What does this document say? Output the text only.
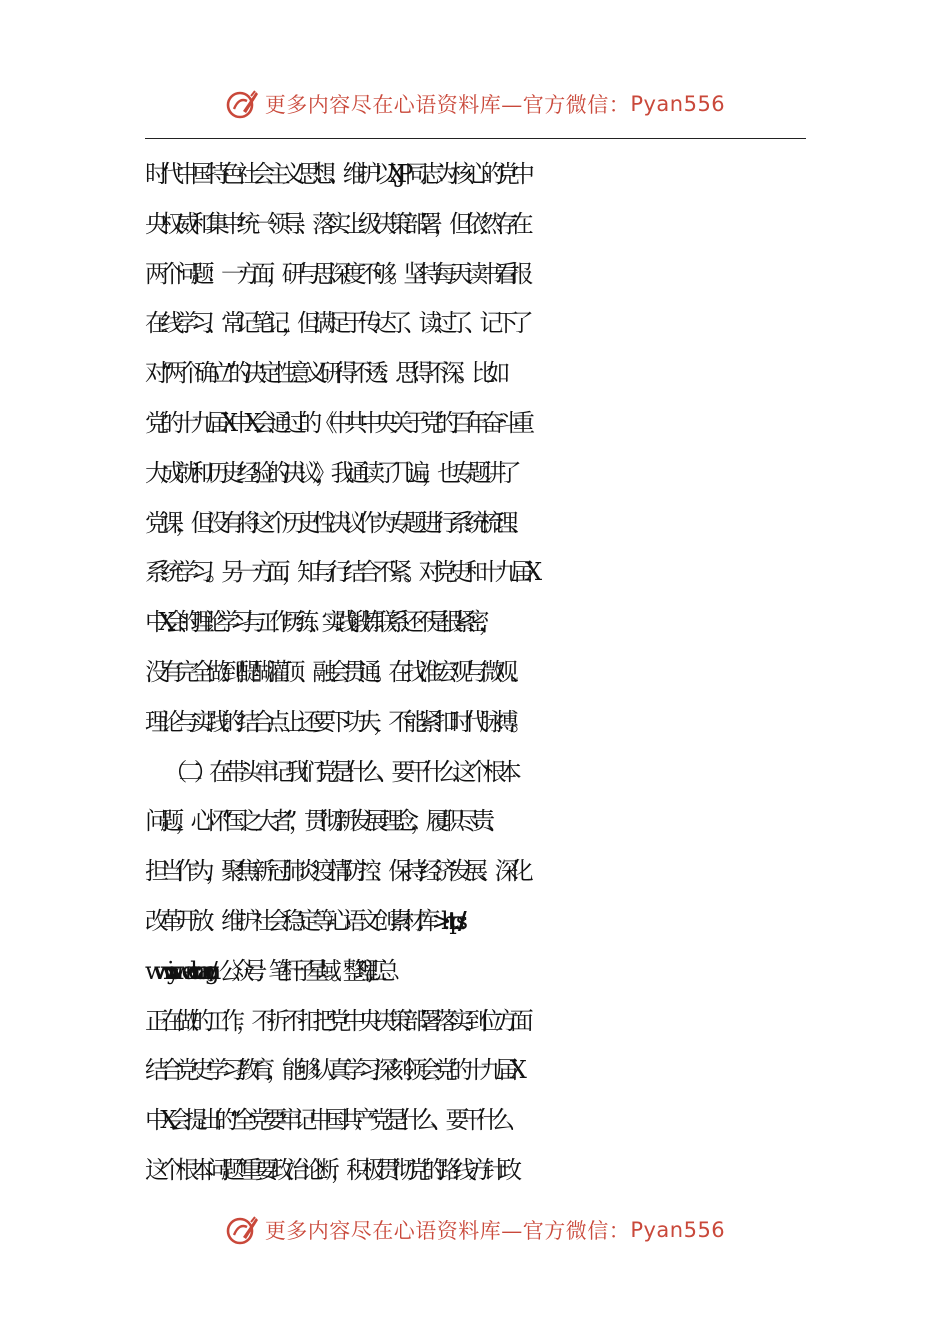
更多内容尽在心语资料库—官方微信： Pyan556
时代中国特色社会主义思想、维护以XJP同志为核心的党中
央权威和集中统一领导、落实上级决策部署，但依然存在
两个问题：一方面，研与思深度不够。坚持每天读书看报
在线学习、常记笔记，但满足于传达了、读过了、记下了
对“两个确立”的决定性意义研得不透、思得不深。比如
党的十九届X中X会通过的《中共中央关于党的百年奋斗重
大成就和历史经验的决议》，我通读了几遍，也专题讲了
党课，但没有将这个历史性决议作为专题进行系统梳理、
系统学习。另一方面，知与行结合不紧。对党史和十九届X
中X会的理论学习与工作历练、实践锻炼联系还不是很紧密，
没有完全做到醍醐灌顶、融会贯通。在找准宏观与微观、
理论与实践的结合点上还要下功夫，不能紧扣时代脉搏。
　　（二）在带头牢记我们党是什么、要干什么这个根本
问题，心怀“国之大者”，贯彻新发展理念，履职尽责、
担当作为，聚焦新冠肺炎疫情防控、保持经济发展、深化
改革开放、维护社会稳定等心语文创素.材.库>: https://
www.xinyuwenchuang.cn/。公众号：笔杆子星域。整理,汇总
正在做的工作，不折不扣把党中央决策部署落实到位方面
结合党史学习教育，能够认真学习深刻领会党的十九届X
中X会提出的“全党要牢记中国共产党是什么、要干什么
这个根本问题”重要政治论断，积极贯彻党的路线方针政
更多内容尽在心语资料库—官方微信： Pyan556
